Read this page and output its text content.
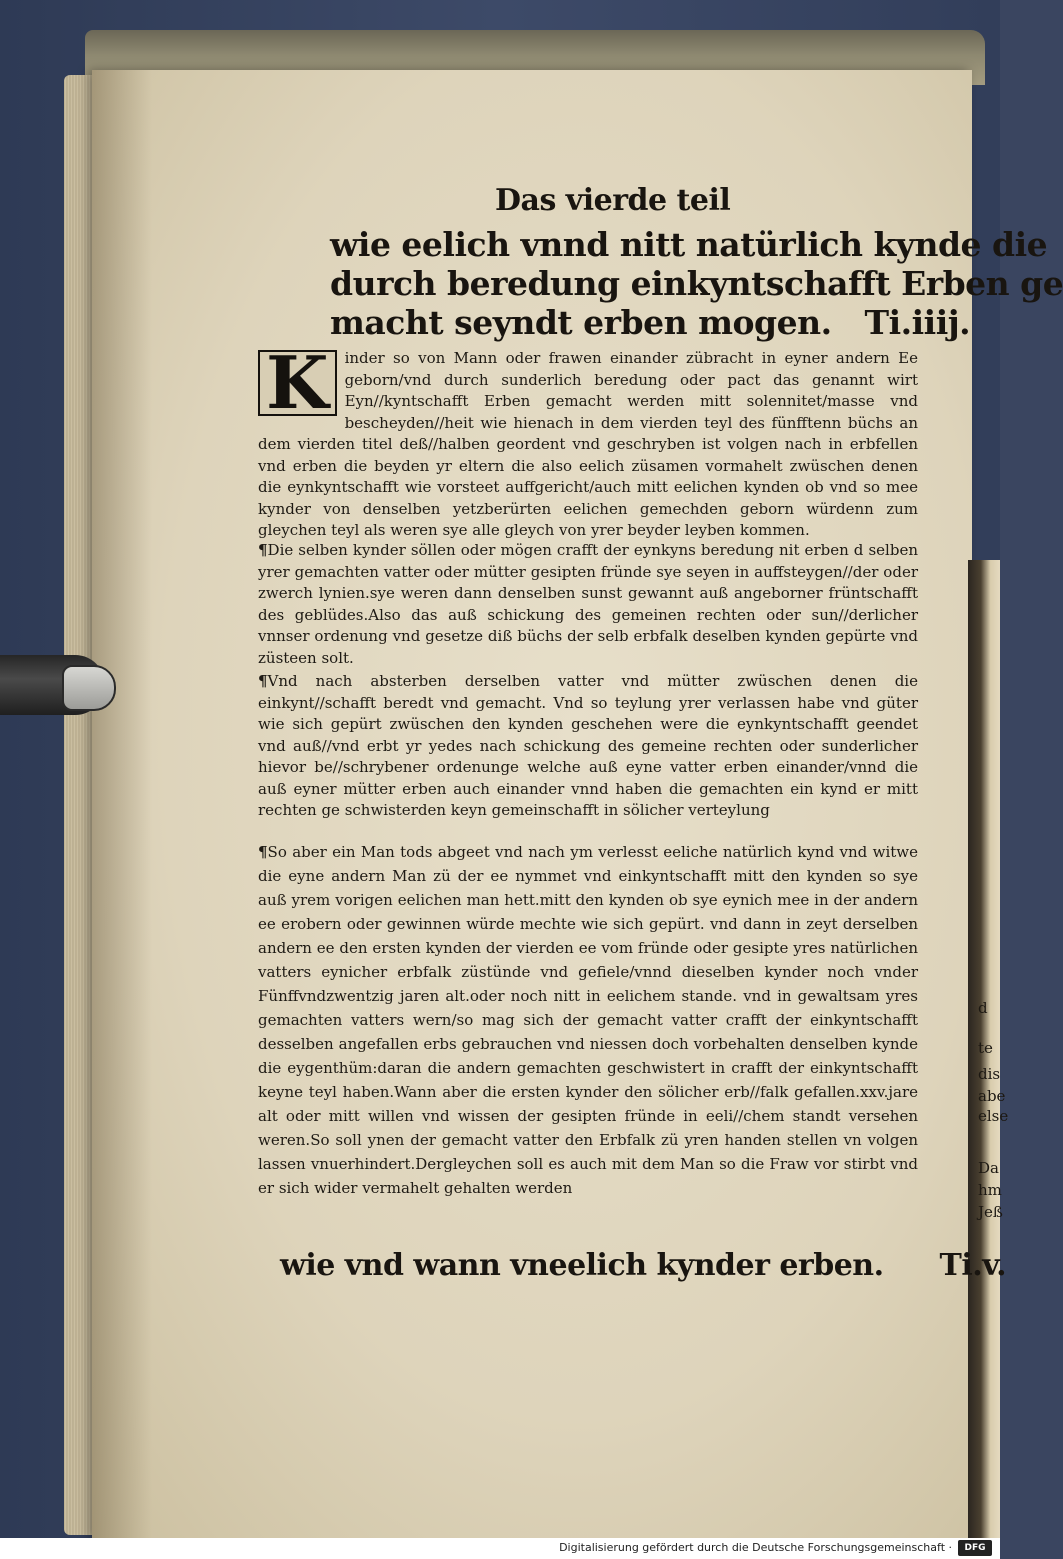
d
te
dis
abe
else
Da
hm
Jeß
Das vierde teil
wie eelich vnnd nitt natürlich kynde die
durch beredung einkyntschafft Erben ge
macht seyndt erben mogen.   Ti.iiij.

K	inder so von Mann oder frawen einander zübracht in eyner andern Ee geborn/vnd durch sunderlich beredung oder pact das genannt wirt Eyn//kyntschafft Erben gemacht werden mitt solennitet/masse vnd bescheyden//heit wie hienach in dem vierden teyl des fünfftenn büchs an dem vierden titel deß//halben geordent vnd geschryben ist volgen nach in erbfellen vnd erben die beyden yr eltern die also eelich züsamen vormahelt zwüschen denen die eynkyntschafft wie vorsteet auffgericht/auch mitt eelichen kynden ob vnd so mee kynder von denselben yetzberürten eelichen gemechden geborn würdenn zum gleychen teyl als weren sye alle gleych von yrer beyder leyben kommen.

¶Die selben kynder söllen oder mögen crafft der eynkyns beredung nit erben d selben yrer gemachten vatter oder mütter gesipten fründe sye seyen in auffsteygen//der oder zwerch lynien.sye weren dann denselben sunst gewannt auß angeborner früntschafft des geblüdes.Also das auß schickung des gemeinen rechten oder sun//derlicher vnnser ordenung vnd gesetze diß büchs der selb erbfalk deselben kynden gepürte vnd züsteen solt.

¶Vnd nach absterben derselben vatter vnd mütter zwüschen denen die einkynt//schafft beredt vnd gemacht. Vnd so teylung yrer verlassen habe vnd güter wie sich gepürt zwüschen den kynden geschehen were die eynkyntschafft geendet vnd auß//vnd erbt yr yedes nach schickung des gemeine rechten oder sunderlicher hievor be//schrybener ordenunge welche auß eyne vatter erben einander/vnnd die auß eyner mütter erben auch einander vnnd haben die gemachten ein kynd er mitt rechten ge schwisterden keyn gemeinschafft in sölicher verteylung

¶So aber ein Man tods abgeet vnd nach ym verlesst eeliche natürlich kynd vnd witwe die eyne andern Man zü der ee nymmet vnd einkyntschafft mitt den kynden so sye auß yrem vorigen eelichen man hett.mitt den kynden ob sye eynich mee in der andern ee erobern oder gewinnen würde mechte wie sich gepürt. vnd dann in zeyt derselben andern ee den ersten kynden der vierden ee vom fründe oder gesipte yres natürlichen vatters eynicher erbfalk züstünde vnd gefiele/vnnd dieselben kynder noch vnder Fünffvndzwentzig jaren alt.oder noch nitt in eelichem stande. vnd in gewaltsam yres gemachten vatters wern/so mag sich der gemacht vatter crafft der einkyntschafft desselben angefallen erbs gebrauchen vnd niessen doch vorbehalten denselben kynde die eygenthüm:daran die andern gemachten geschwistert in crafft der einkyntschafft keyne teyl haben.Wann aber die ersten kynder den sölicher erb//falk gefallen.xxv.jare alt oder mitt willen vnd wissen der gesipten fründe in eeli//chem standt versehen weren.So soll ynen der gemacht vatter den Erbfalk zü yren handen stellen vn volgen lassen vnuerhindert.Dergleychen soll es auch mit dem Man so die Fraw vor stirbt vnd er sich wider vermahelt gehalten werden

wie vnd wann vneelich kynder erben. Ti.v.
Digitalisierung gefördert durch die Deutsche Forschungsgemeinschaft ·	DFG
